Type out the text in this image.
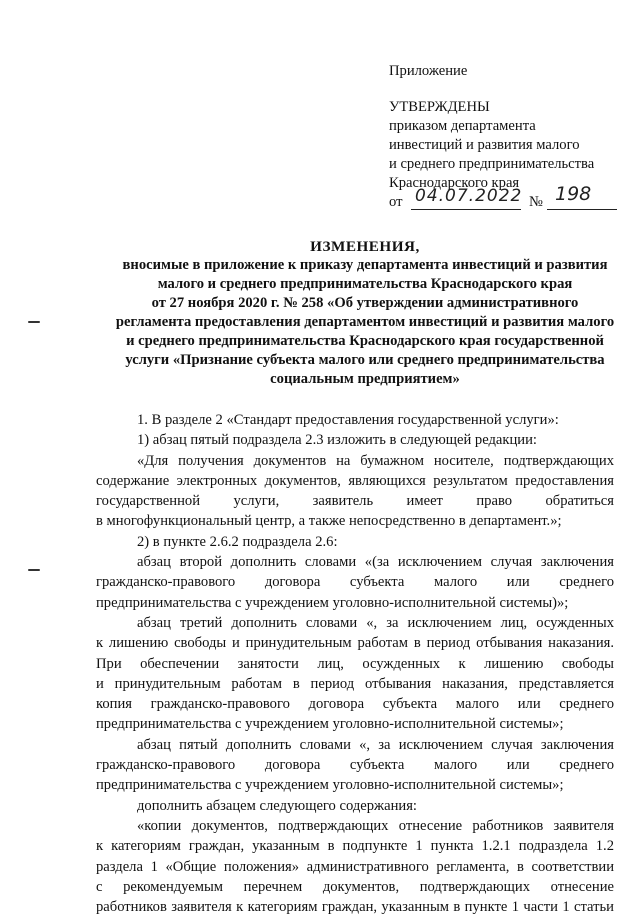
Приложение
УТВЕРЖДЕНЫ
приказом департамента
инвестиций и развития малого
и среднего предпринимательства
Краснодарского края
от 04.07.2022 № 198
ИЗМЕНЕНИЯ,
вносимые в приложение к приказу департамента инвестиций и развития
малого и среднего предпринимательства Краснодарского края
от 27 ноября 2020 г. № 258 «Об утверждении административного
регламента предоставления департаментом инвестиций и развития малого
и среднего предпринимательства Краснодарского края государственной
услуги «Признание субъекта малого или среднего предпринимательства
социальным предприятием»
1. В разделе 2 «Стандарт предоставления государственной услуги»:
1) абзац пятый подраздела 2.3 изложить в следующей редакции:
«Для получения документов на бумажном носителе, подтверждающих
содержание электронных документов, являющихся результатом предоставления
государственной услуги, заявитель имеет право обратиться
в многофункциональный центр, а также непосредственно в департамент.»;
2) в пункте 2.6.2 подраздела 2.6:
абзац второй дополнить словами «(за исключением случая заключения
гражданско-правового договора субъекта малого или среднего
предпринимательства с учреждением уголовно-исполнительной системы)»;
абзац третий дополнить словами «, за исключением лиц, осужденных
к лишению свободы и принудительным работам в период отбывания наказания.
При обеспечении занятости лиц, осужденных к лишению свободы
и принудительным работам в период отбывания наказания, представляется
копия гражданско-правового договора субъекта малого или среднего
предпринимательства с учреждением уголовно-исполнительной системы»;
абзац пятый дополнить словами «, за исключением случая заключения
гражданско-правового договора субъекта малого или среднего
предпринимательства с учреждением уголовно-исполнительной системы»;
дополнить абзацем следующего содержания:
«копии документов, подтверждающих отнесение работников заявителя
к категориям граждан, указанным в подпункте 1 пункта 1.2.1 подраздела 1.2
раздела 1 «Общие положения» административного регламента, в соответствии
с рекомендуемым перечнем документов, подтверждающих отнесение
работников заявителя к категориям граждан, указанным в пункте 1 части 1 статьи
